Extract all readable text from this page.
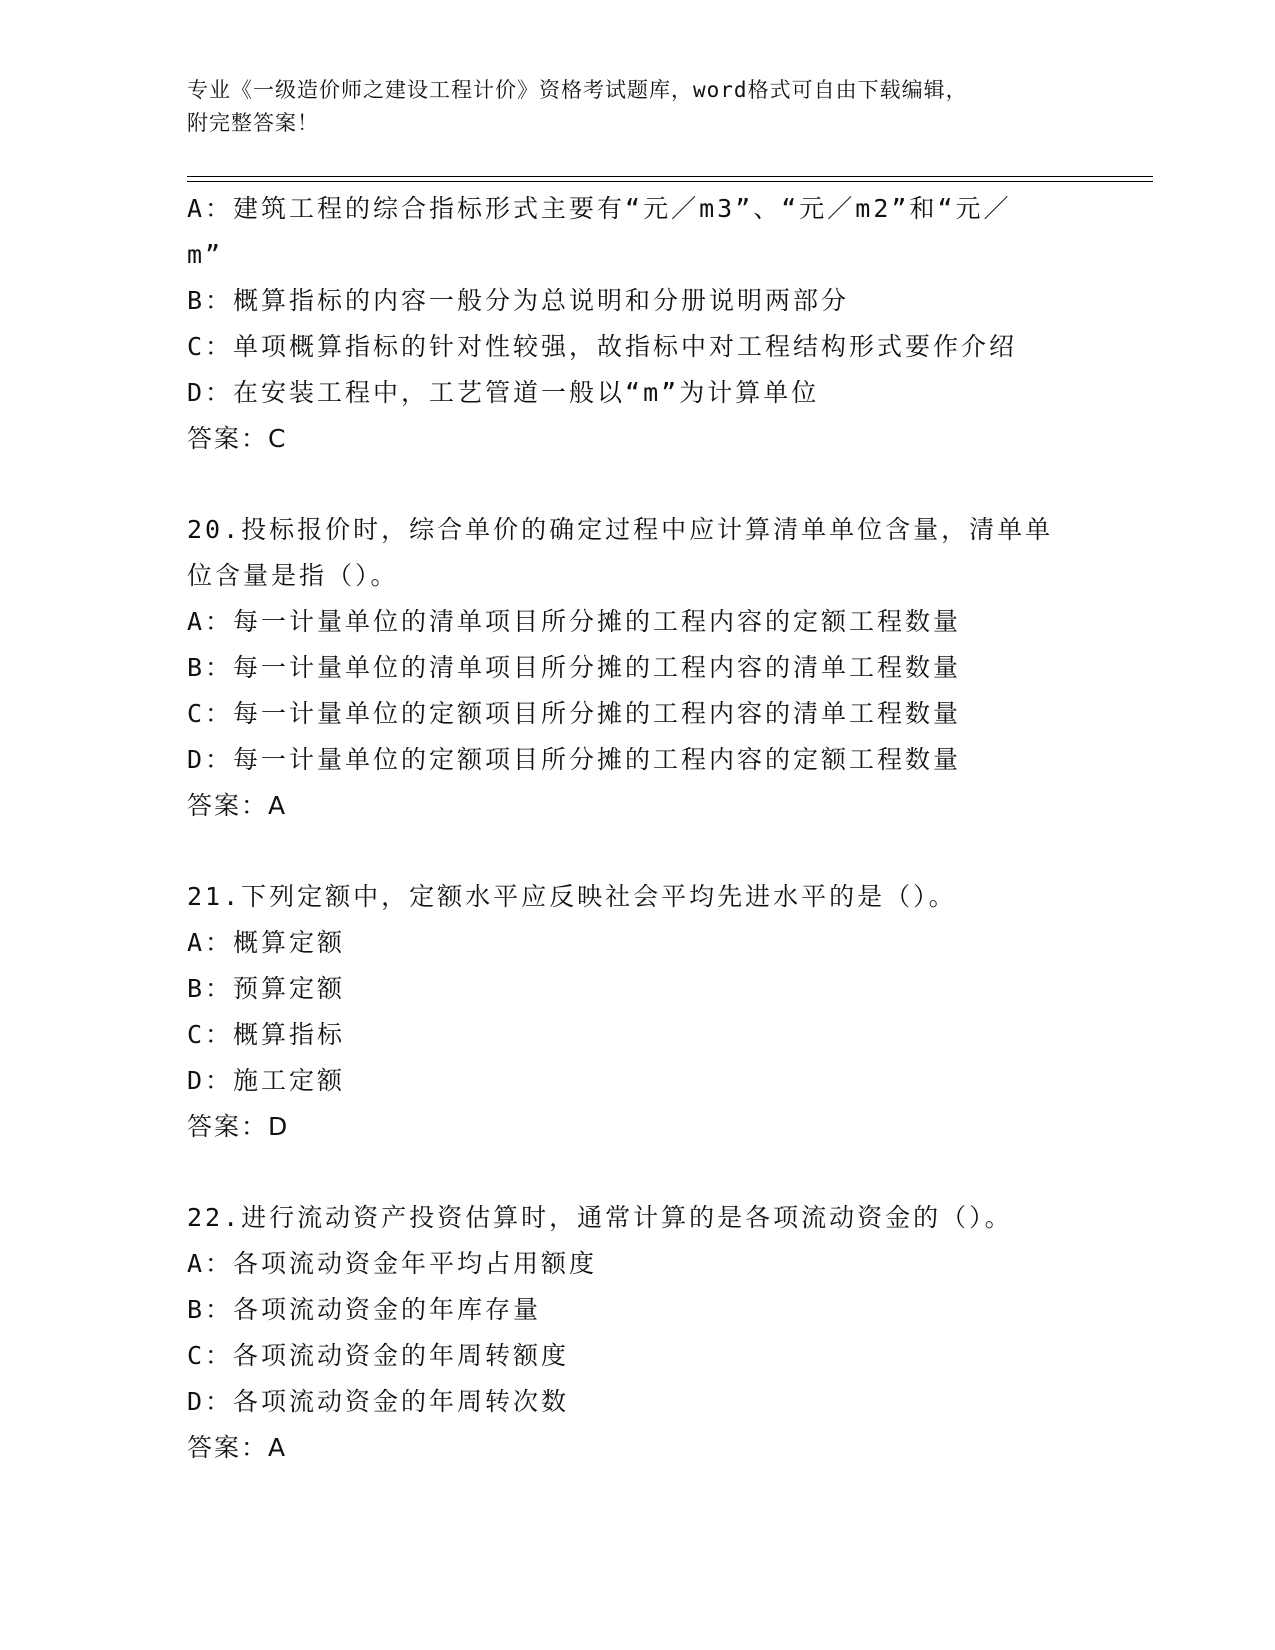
专业《一级造价师之建设工程计价》资格考试题库，word格式可自由下载编辑，
附完整答案！

A：建筑工程的综合指标形式主要有“元／m3”、“元／m2”和“元／

m”

B：概算指标的内容一般分为总说明和分册说明两部分

C：单项概算指标的针对性较强，故指标中对工程结构形式要作介绍

D：在安装工程中，工艺管道一般以“m”为计算单位

答案：C

20.投标报价时，综合单价的确定过程中应计算清单单位含量，清单单

位含量是指（）。

A：每一计量单位的清单项目所分摊的工程内容的定额工程数量

B：每一计量单位的清单项目所分摊的工程内容的清单工程数量

C：每一计量单位的定额项目所分摊的工程内容的清单工程数量

D：每一计量单位的定额项目所分摊的工程内容的定额工程数量

答案：A

21.下列定额中，定额水平应反映社会平均先进水平的是（）。

A：概算定额

B：预算定额

C：概算指标

D：施工定额

答案：D

22.进行流动资产投资估算时，通常计算的是各项流动资金的（）。

A：各项流动资金年平均占用额度

B：各项流动资金的年库存量

C：各项流动资金的年周转额度

D：各项流动资金的年周转次数

答案：A
